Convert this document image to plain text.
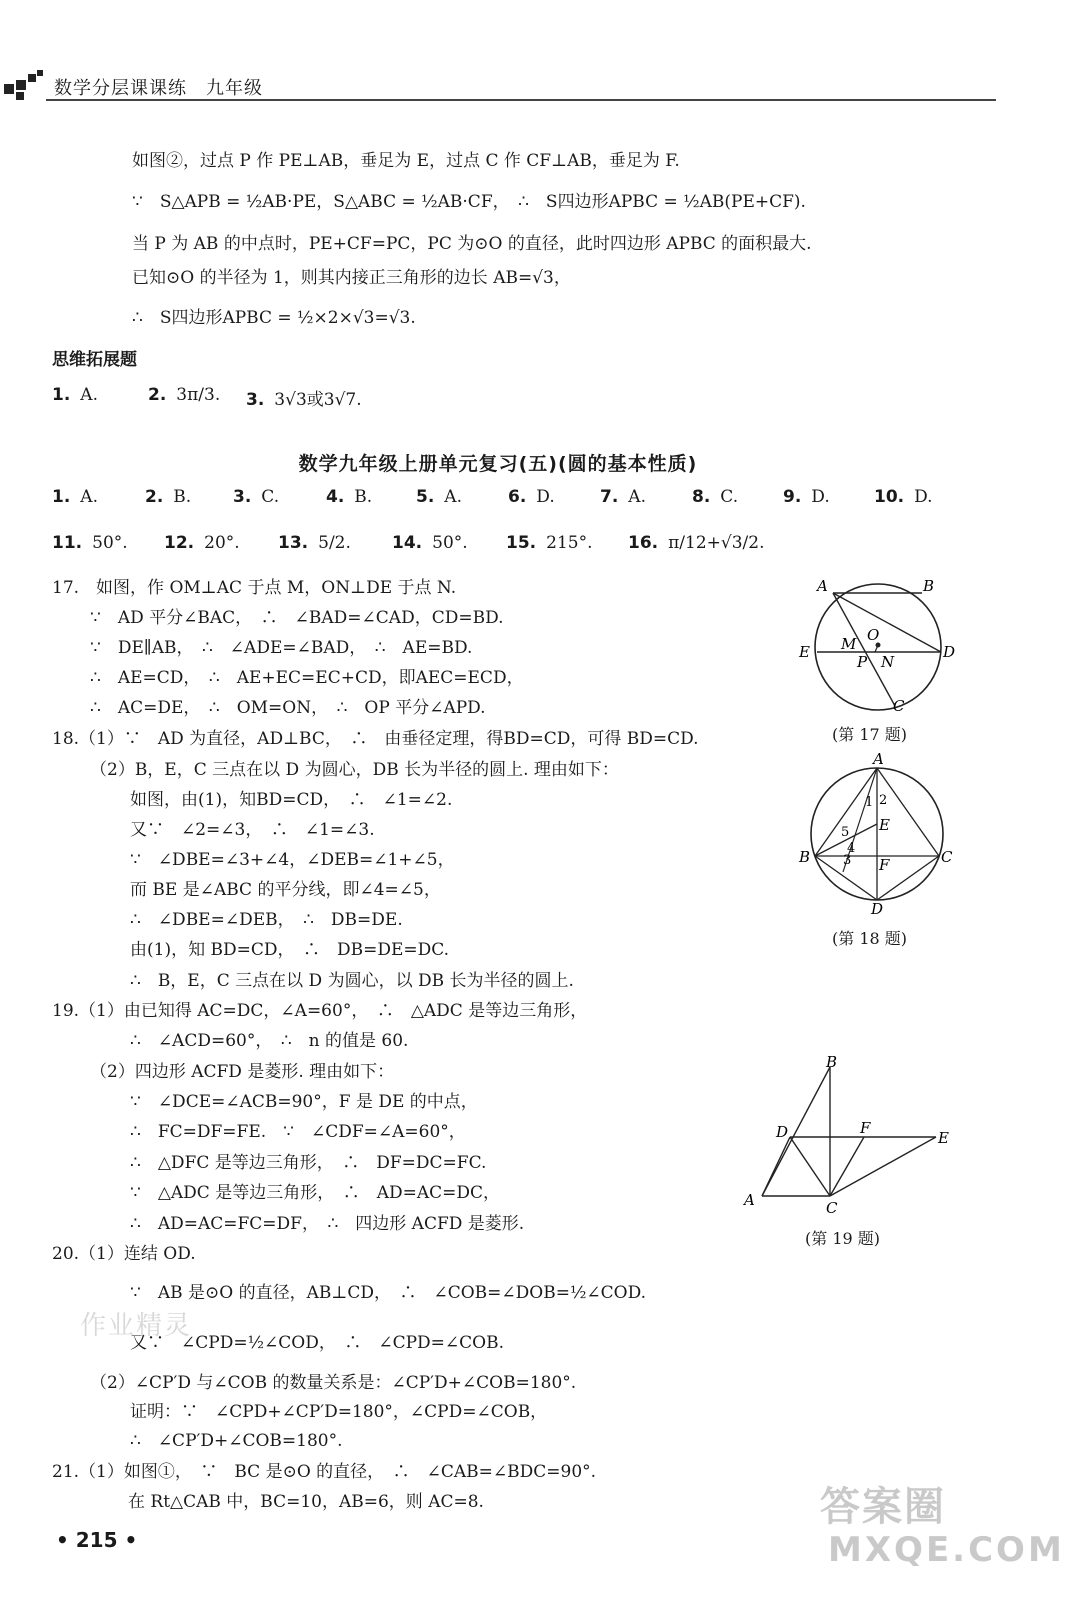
数学分层课课练　九年级
如图②，过点 P 作 PE⊥AB，垂足为 E，过点 C 作 CF⊥AB，垂足为 F.
∵　S△APB = ½AB·PE，S△ABC = ½AB·CF，　∴　S四边形APBC = ½AB(PE+CF).
当 P 为 AB 的中点时，PE+CF=PC，PC 为⊙O 的直径，此时四边形 APBC 的面积最大.
已知⊙O 的半径为 1，则其内接正三角形的边长 AB=√3，
∴　S四边形APBC = ½×2×√3=√3.
思维拓展题
1. A.	2. 3π/3. 3. 3√3或3√7.
数学九年级上册单元复习(五)(圆的基本性质)
1. A.	2. B. 3. C.	4. B.	5. A.	6. D.	7. A.	8. C.	9. D.	10. D.
11. 50°. 12. 20°. 13. 5/2. 14. 50°. 15. 215°. 16. π/12+√3/2.
17.　如图，作 OM⊥AC 于点 M，ON⊥DE 于点 N.
∵　AD 平分∠BAC，　∴　∠BAD=∠CAD，CD=BD.
∵　DE∥AB，　∴　∠ADE=∠BAD，　∴　AE=BD.
∴　AE=CD，　∴　AE+EC=EC+CD，即AEC=ECD，
∴　AC=DE，　∴　OM=ON，　∴　OP 平分∠APD.
18.（1）∵　AD 为直径，AD⊥BC，　∴　由垂径定理，得BD=CD，可得 BD=CD.
（2）B，E，C 三点在以 D 为圆心，DB 长为半径的圆上. 理由如下：
如图，由(1)，知BD=CD，　∴　∠1=∠2.
又∵　∠2=∠3，　∴　∠1=∠3.
∵　∠DBE=∠3+∠4，∠DEB=∠1+∠5，
而 BE 是∠ABC 的平分线，即∠4=∠5，
∴　∠DBE=∠DEB，　∴　DB=DE.
由(1)，知 BD=CD，　∴　DB=DE=DC.
∴　B，E，C 三点在以 D 为圆心，以 DB 长为半径的圆上.
19.（1）由已知得 AC=DC，∠A=60°，　∴　△ADC 是等边三角形，
∴　∠ACD=60°，　∴　n 的值是 60.
（2）四边形 ACFD 是菱形. 理由如下：
∵　∠DCE=∠ACB=90°，F 是 DE 的中点，
∴　FC=DF=FE.　∵　∠CDF=∠A=60°，
∴　△DFC 是等边三角形，　∴　DF=DC=FC.
∵　△ADC 是等边三角形，　∴　AD=AC=DC，
∴　AD=AC=FC=DF，　∴　四边形 ACFD 是菱形.
20.（1）连结 OD.
∵　AB 是⊙O 的直径，AB⊥CD，　∴　∠COB=∠DOB=½∠COD.
又∵　∠CPD=½∠COD，　∴　∠CPD=∠COB.
（2）∠CP′D 与∠COB 的数量关系是：∠CP′D+∠COB=180°.
证明：∵　∠CPD+∠CP′D=180°，∠CPD=∠COB，
∴　∠CP′D+∠COB=180°.
21.（1）如图①，　∵　BC 是⊙O 的直径，　∴　∠CAB=∠BDC=90°.
在 Rt△CAB 中，BC=10，AB=6，则 AC=8.
A	B
E	D
C
O
M
P N
(第 17 题)
A
B	C
D
E
F
1 2
3
4
5
(第 18 题)
B
D	F
E
A	C
(第 19 题)
作业精灵
• 215 •
答案圈
MXQE.COM
